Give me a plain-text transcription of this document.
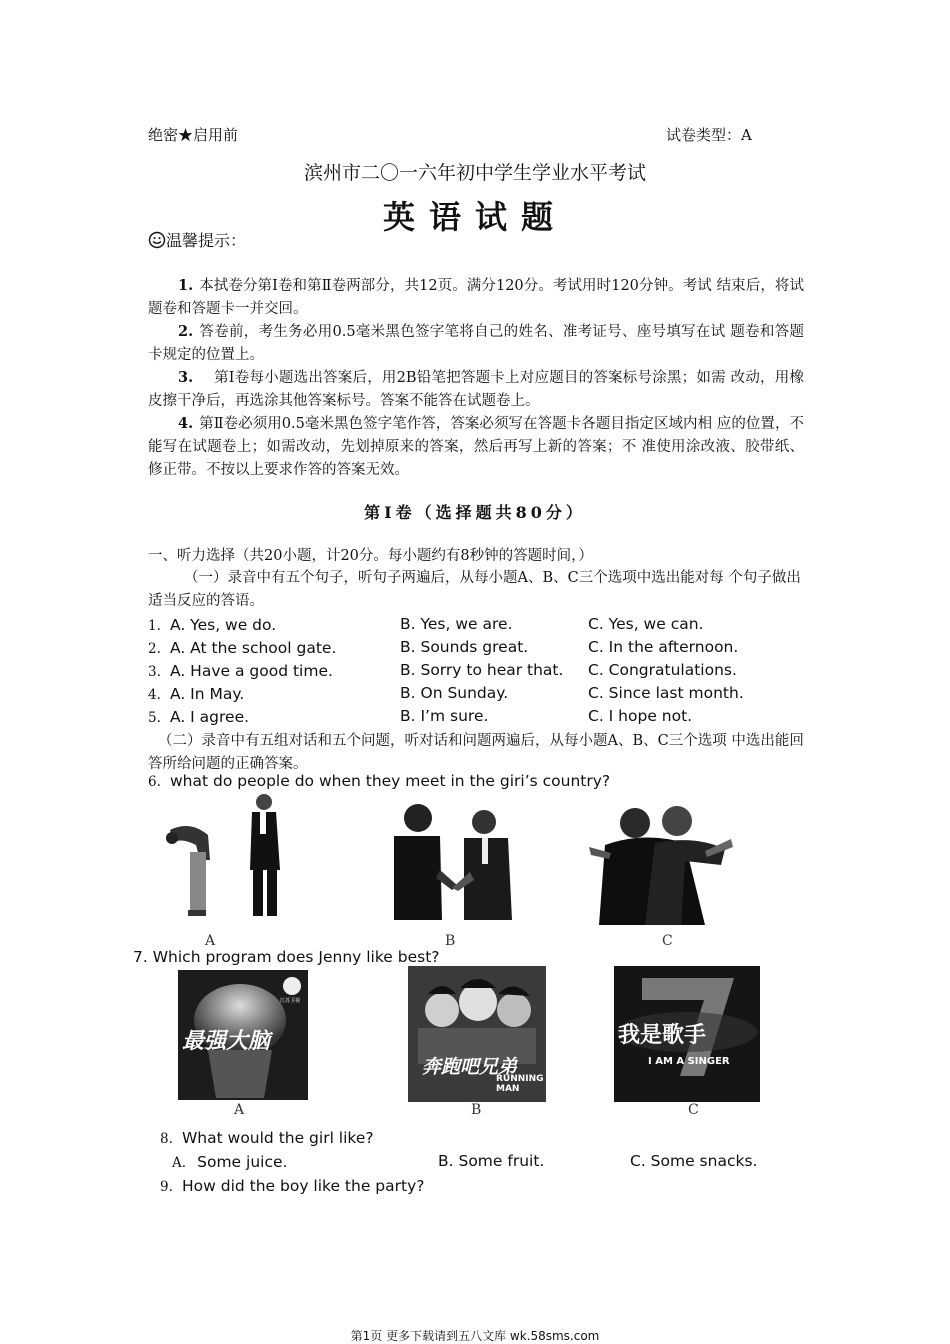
绝密★启用前	试卷类型：A
滨州市二〇一六年初中学生学业水平考试
英语试题
温馨提示：
1. 本拭卷分第Ⅰ卷和第Ⅱ卷两部分，共12页。满分120分。考试用时120分钟。考试 结束后，将试题卷和答题卡一并交回。
2. 答卷前，考生务必用0.5毫米黑色签字笔将自己的姓名、准考证号、座号填写在试 题卷和答题卡规定的位置上。
3.　第Ⅰ卷每小题选出答案后，用2B铅笔把答题卡上对应题目的答案标号涂黑；如需 改动，用橡皮擦干净后，再选涂其他答案标号。答案不能答在试题卷上。
4. 第Ⅱ卷必须用0.5毫米黑色签字笔作答，答案必须写在答题卡各题目指定区域内相 应的位置，不能写在试题卷上；如需改动，先划掉原来的答案，然后再写上新的答案；不 准使用涂改液、胶带纸、修正带。不按以上要求作答的答案无效。
第Ⅰ卷（选择题共80分）
一、听力选择（共20小题，计20分。每小题约有8秒钟的答题时间，）
（一）录音中有五个句子，听句子两遍后，从每小题A、B、C三个选项中选出能对每 个句子做出适当反应的答语。
1. A. Yes, we do.	B. Yes, we are.	C. Yes, we can.
2. A. At the school gate.	B. Sounds great.	C. In the afternoon.
3. A. Have a good time.	B. Sorry to hear that. C. Congratulations.
4. A. In May.	B. On Sunday.	C. Since last month.
5. A. I agree.	B. I’m sure.	C. I hope not.
（二）录音中有五组对话和五个问题，听对话和问题两遍后，从每小题A、B、C三个选项 中选出能回答所给问题的正确答案。
6. what do people do when they meet in the giri’s country?
A	B	C
7. Which program does Jenny like best?
最强大脑
江苏卫视
奔跑吧兄弟
RUNNING MAN
我是歌手
I AM A SINGER
A	B	C
8. What would the girl like?
A. Some juice.	B. Some fruit.	C. Some snacks.
9. How did the boy like the party?
第1页 更多下载请到五八文库 wk.58sms.com
